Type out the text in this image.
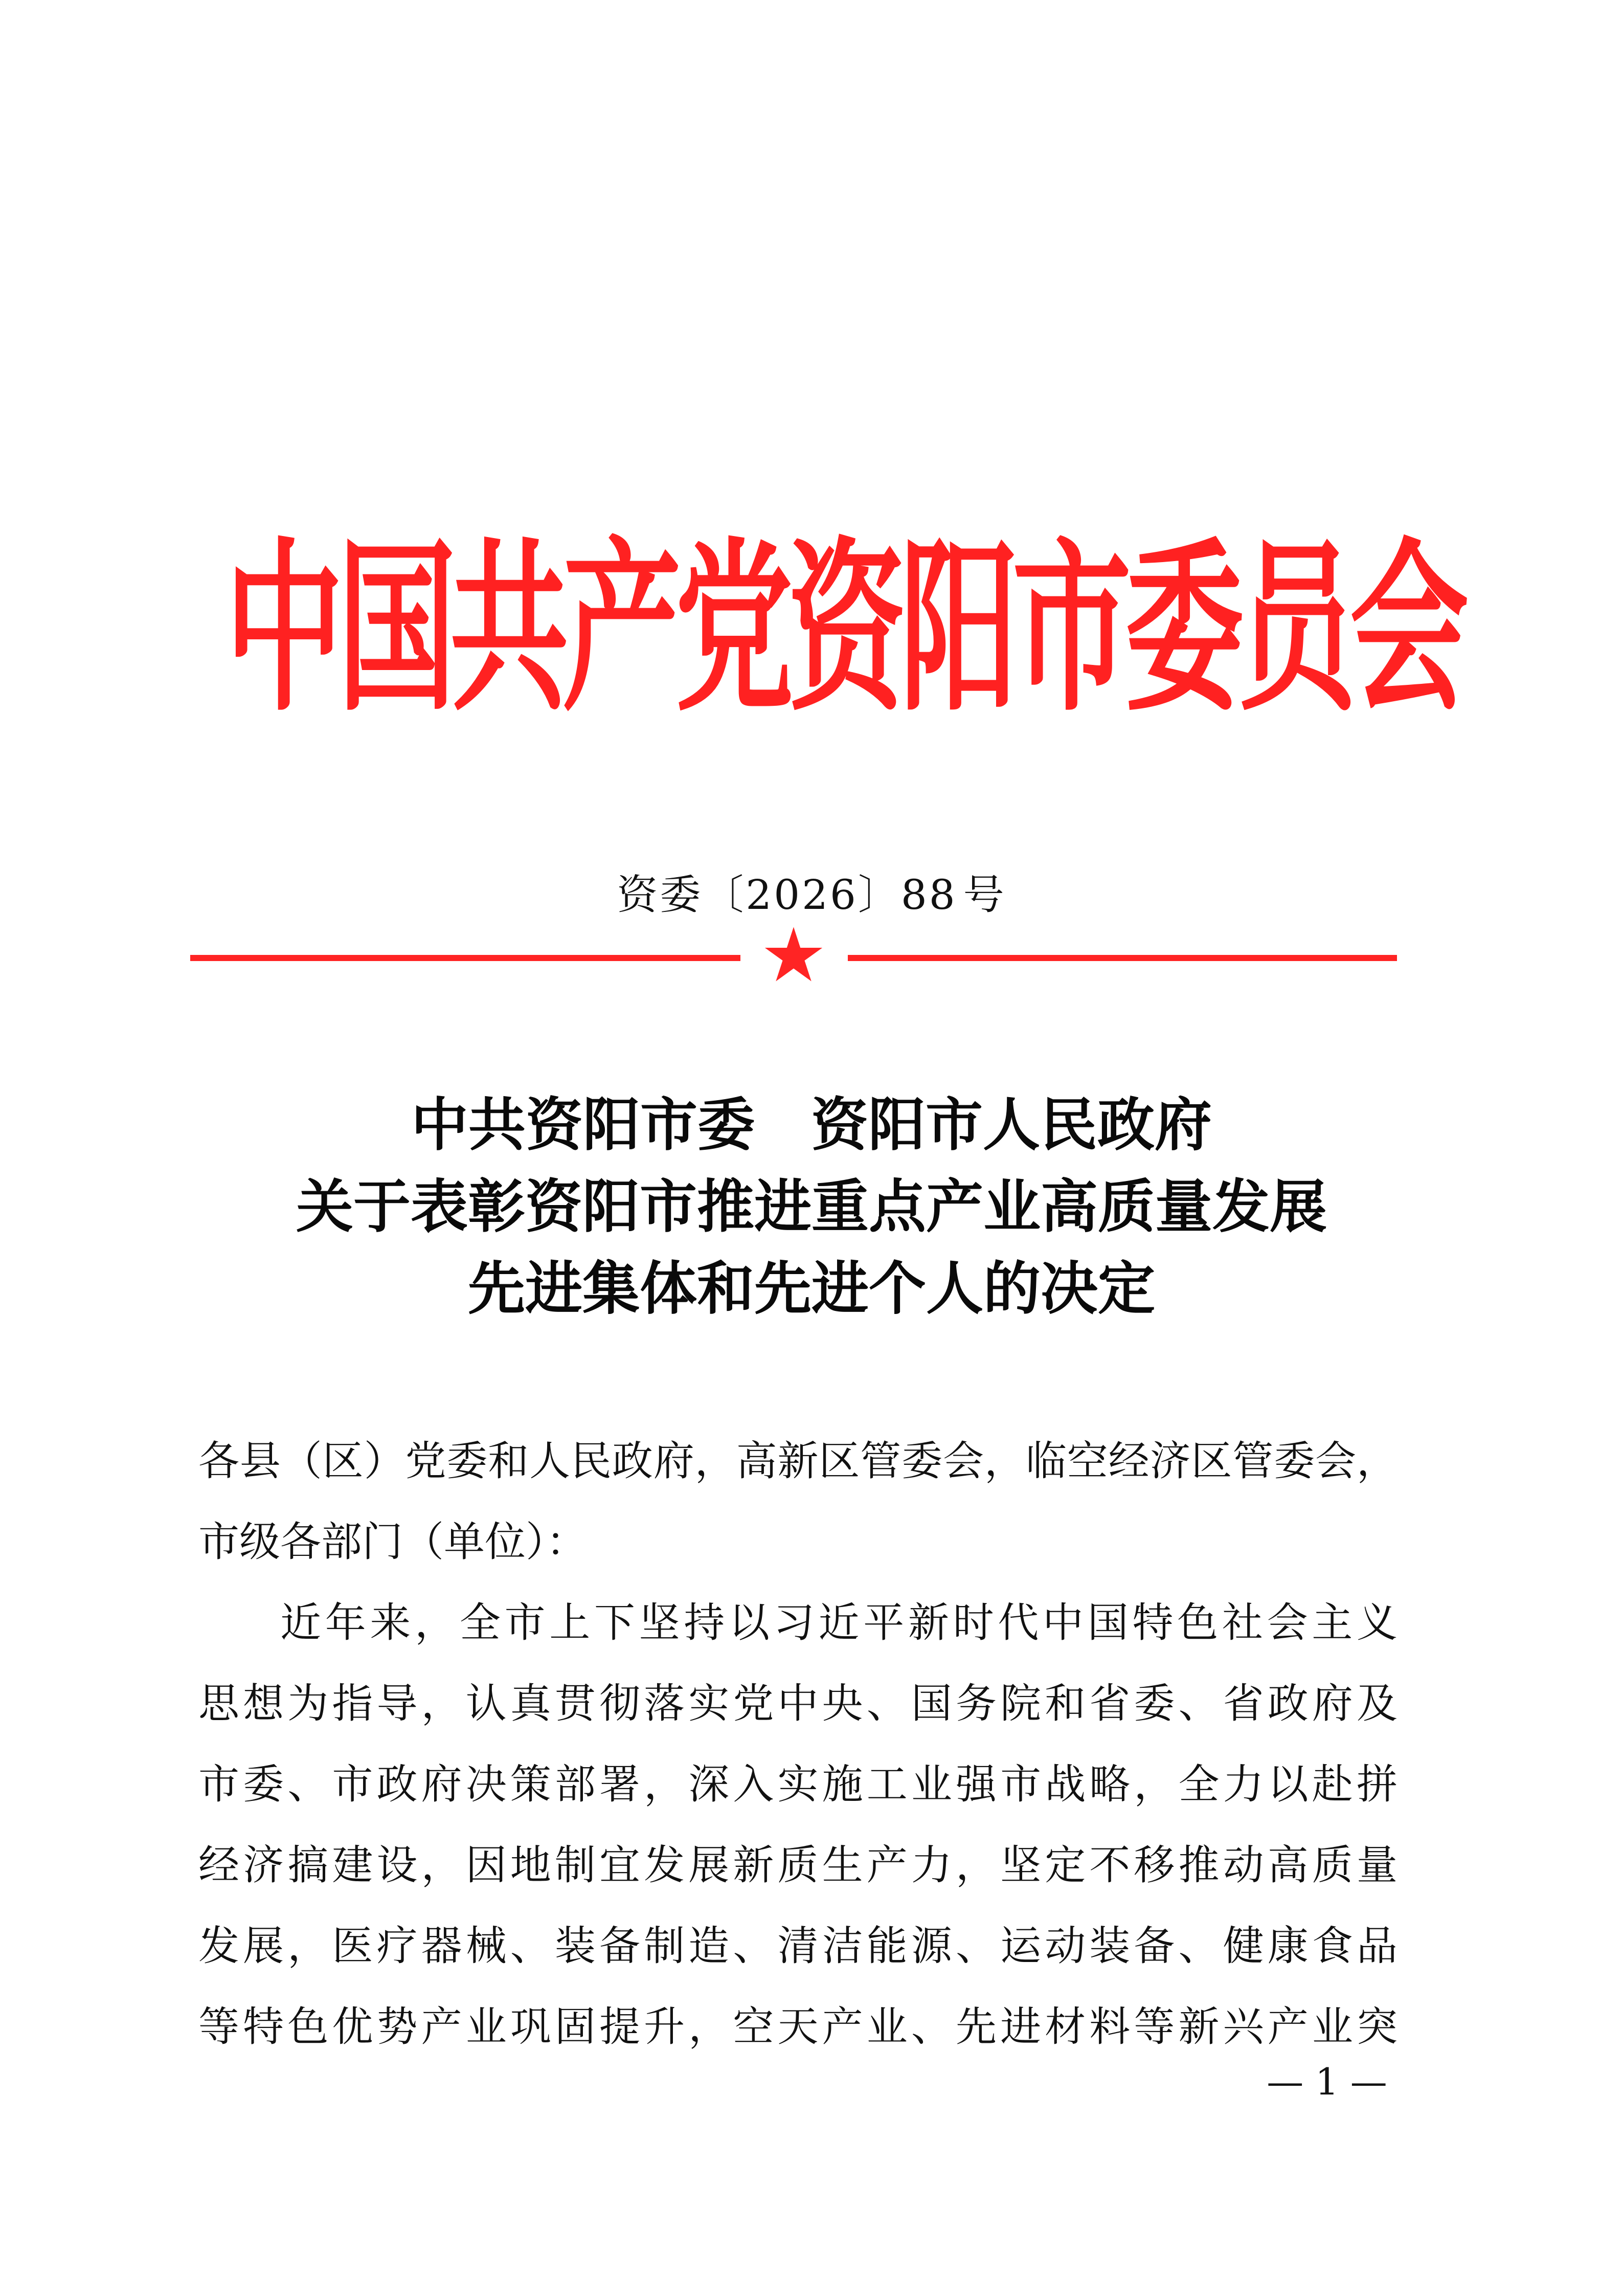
中
国
共
产
党
资
阳
市
委
员
会
资委〔2026〕88  号
中共资阳市委 资阳市人民政府
关于表彰资阳市推进重点产业高质量发展
先进集体和先进个人的决定
各县（区）党委和人民政府，高新区管委会，临空经济区管委会，
市级各部门（单位）：
近年来，全市上下坚持以习近平新时代中国特色社会主义
思想为指导，认真贯彻落实党中央、国务院和省委、省政府及
市委、市政府决策部署，深入实施工业强市战略，全力以赴拼
经济搞建设，因地制宜发展新质生产力，坚定不移推动高质量
发展，医疗器械、装备制造、清洁能源、运动装备、健康食品
等特色优势产业巩固提升，空天产业、先进材料等新兴产业突
— 1 —
